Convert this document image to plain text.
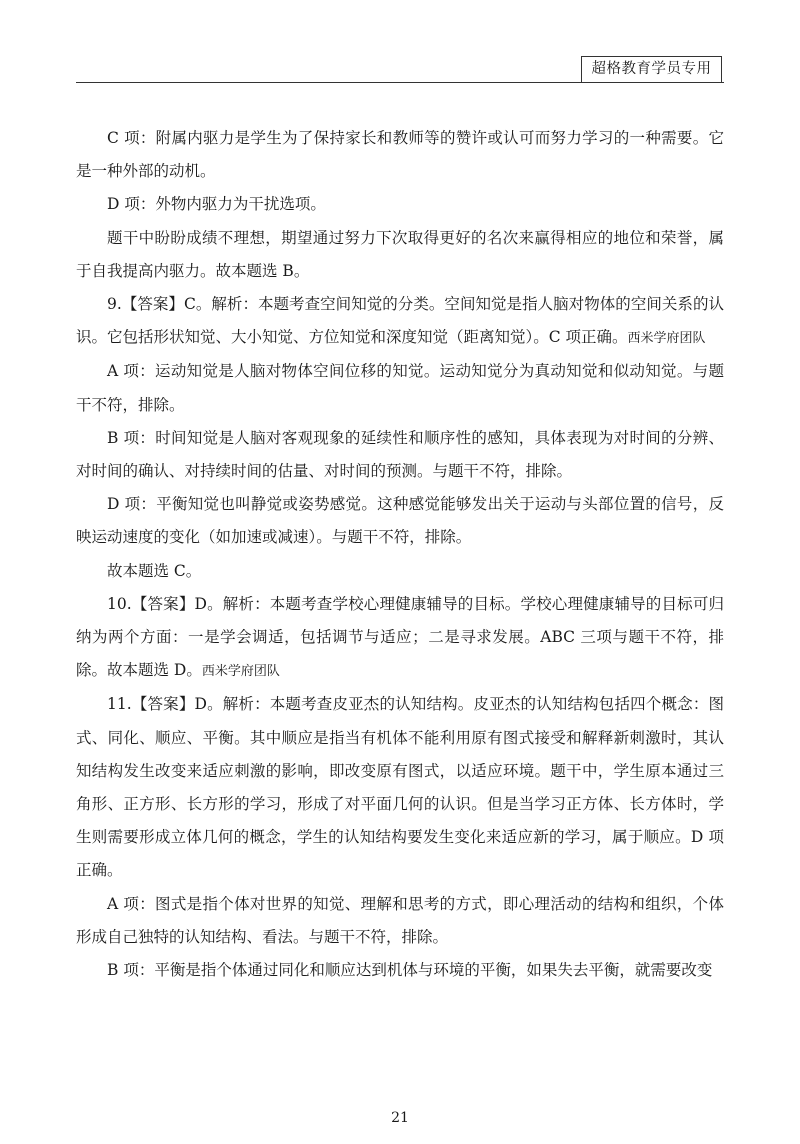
超格教育学员专用

C 项：附属内驱力是学生为了保持家长和教师等的赞许或认可而努力学习的一种需要。它是一种外部的动机。

D 项：外物内驱力为干扰选项。

题干中盼盼成绩不理想，期望通过努力下次取得更好的名次来赢得相应的地位和荣誉，属于自我提高内驱力。故本题选 B。

9.【答案】C。解析：本题考查空间知觉的分类。空间知觉是指人脑对物体的空间关系的认识。它包括形状知觉、大小知觉、方位知觉和深度知觉（距离知觉）。C 项正确。西米学府团队

A 项：运动知觉是人脑对物体空间位移的知觉。运动知觉分为真动知觉和似动知觉。与题干不符，排除。

B 项：时间知觉是人脑对客观现象的延续性和顺序性的感知，具体表现为对时间的分辨、对时间的确认、对持续时间的估量、对时间的预测。与题干不符，排除。

D 项：平衡知觉也叫静觉或姿势感觉。这种感觉能够发出关于运动与头部位置的信号，反映运动速度的变化（如加速或减速）。与题干不符，排除。

故本题选 C。

10.【答案】D。解析：本题考查学校心理健康辅导的目标。学校心理健康辅导的目标可归纳为两个方面：一是学会调适，包括调节与适应；二是寻求发展。ABC 三项与题干不符，排除。故本题选 D。西米学府团队

11.【答案】D。解析：本题考查皮亚杰的认知结构。皮亚杰的认知结构包括四个概念：图式、同化、顺应、平衡。其中顺应是指当有机体不能利用原有图式接受和解释新刺激时，其认知结构发生改变来适应刺激的影响，即改变原有图式，以适应环境。题干中，学生原本通过三角形、正方形、长方形的学习，形成了对平面几何的认识。但是当学习正方体、长方体时，学生则需要形成立体几何的概念，学生的认知结构要发生变化来适应新的学习，属于顺应。D 项正确。

A 项：图式是指个体对世界的知觉、理解和思考的方式，即心理活动的结构和组织，个体形成自己独特的认知结构、看法。与题干不符，排除。

B 项：平衡是指个体通过同化和顺应达到机体与环境的平衡，如果失去平衡，就需要改变

21
